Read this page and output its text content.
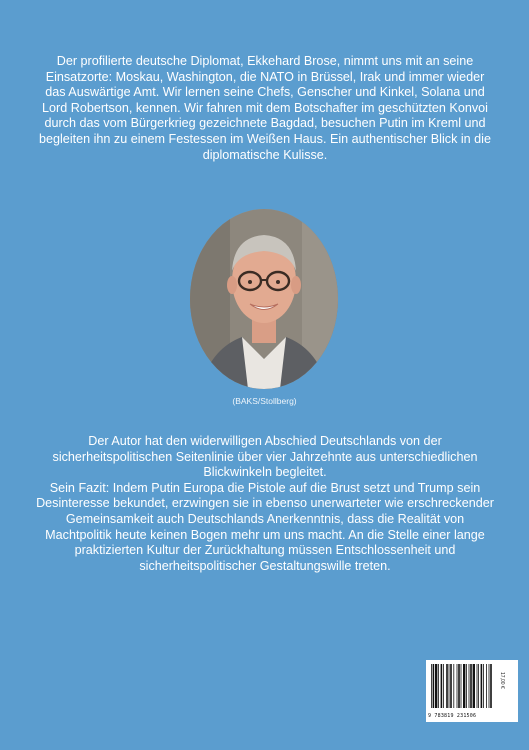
Der profilierte deutsche Diplomat, Ekkehard Brose, nimmt uns mit an seine Einsatzorte: Moskau, Washington, die NATO in Brüssel, Irak und immer wieder das Auswärtige Amt. Wir lernen seine Chefs, Genscher und Kinkel, Solana und Lord Robertson, kennen. Wir fahren mit dem Botschafter im geschützten Konvoi durch das vom Bürgerkrieg gezeichnete Bagdad, besuchen Putin im Kreml und begleiten ihn zu einem Festessen im Weißen Haus. Ein authentischer Blick in die diplomatische Kulisse.

(BAKS/Stollberg)
Der Autor hat den widerwilligen Abschied Deutschlands von der sicherheitspolitischen Seitenlinie über vier Jahrzehnte aus unterschiedlichen Blickwinkeln begleitet.
Sein Fazit: Indem Putin Europa die Pistole auf die Brust setzt und Trump sein Desinteresse bekundet, erzwingen sie in ebenso unerwarteter wie erschreckender Gemeinsamkeit auch Deutschlands Anerkenntnis, dass die Realität von Machtpolitik heute keinen Bogen mehr um uns macht. An die Stelle einer lange praktizierten Kultur der Zurückhaltung müssen Entschlossenheit und sicherheitspolitischer Gestaltungswille treten.
9 783819 231506
17,00 €
